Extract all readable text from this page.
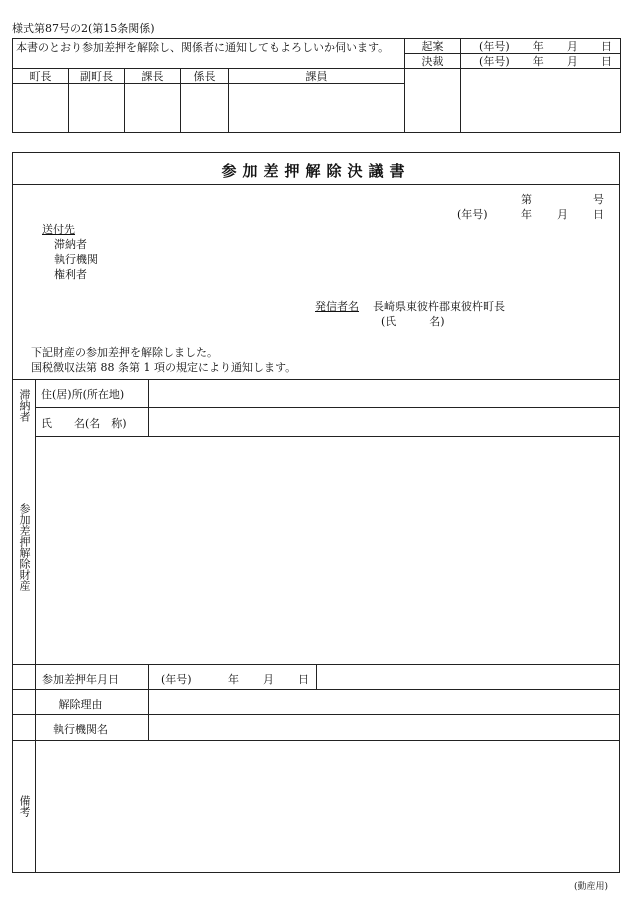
様式第87号の2(第15条関係)
本書のとおり参加差押を解除し、関係者に通知してもよろしいか伺います。					起案	(年号) 年 月 日

					決裁	(年号) 年 月 日

町長	副町長	課長	係長	課員		

参加差押解除決議書
第	号
(年号)	年 月 日
送付先
滞納者
執行機関
権利者
発信者名 長崎県東彼杵郡東彼杵町長
(氏　　　名)
下記財産の参加差押を解除しました。
国税徴収法第 88 条第 1 項の規定により通知します。
滞納者 住(居)所(所在地)
氏　　名(名　称)
参加差押解除財産
参加差押年月日	(年号)	年 月 日
解除理由
執行機関名
備考
(動産用)
